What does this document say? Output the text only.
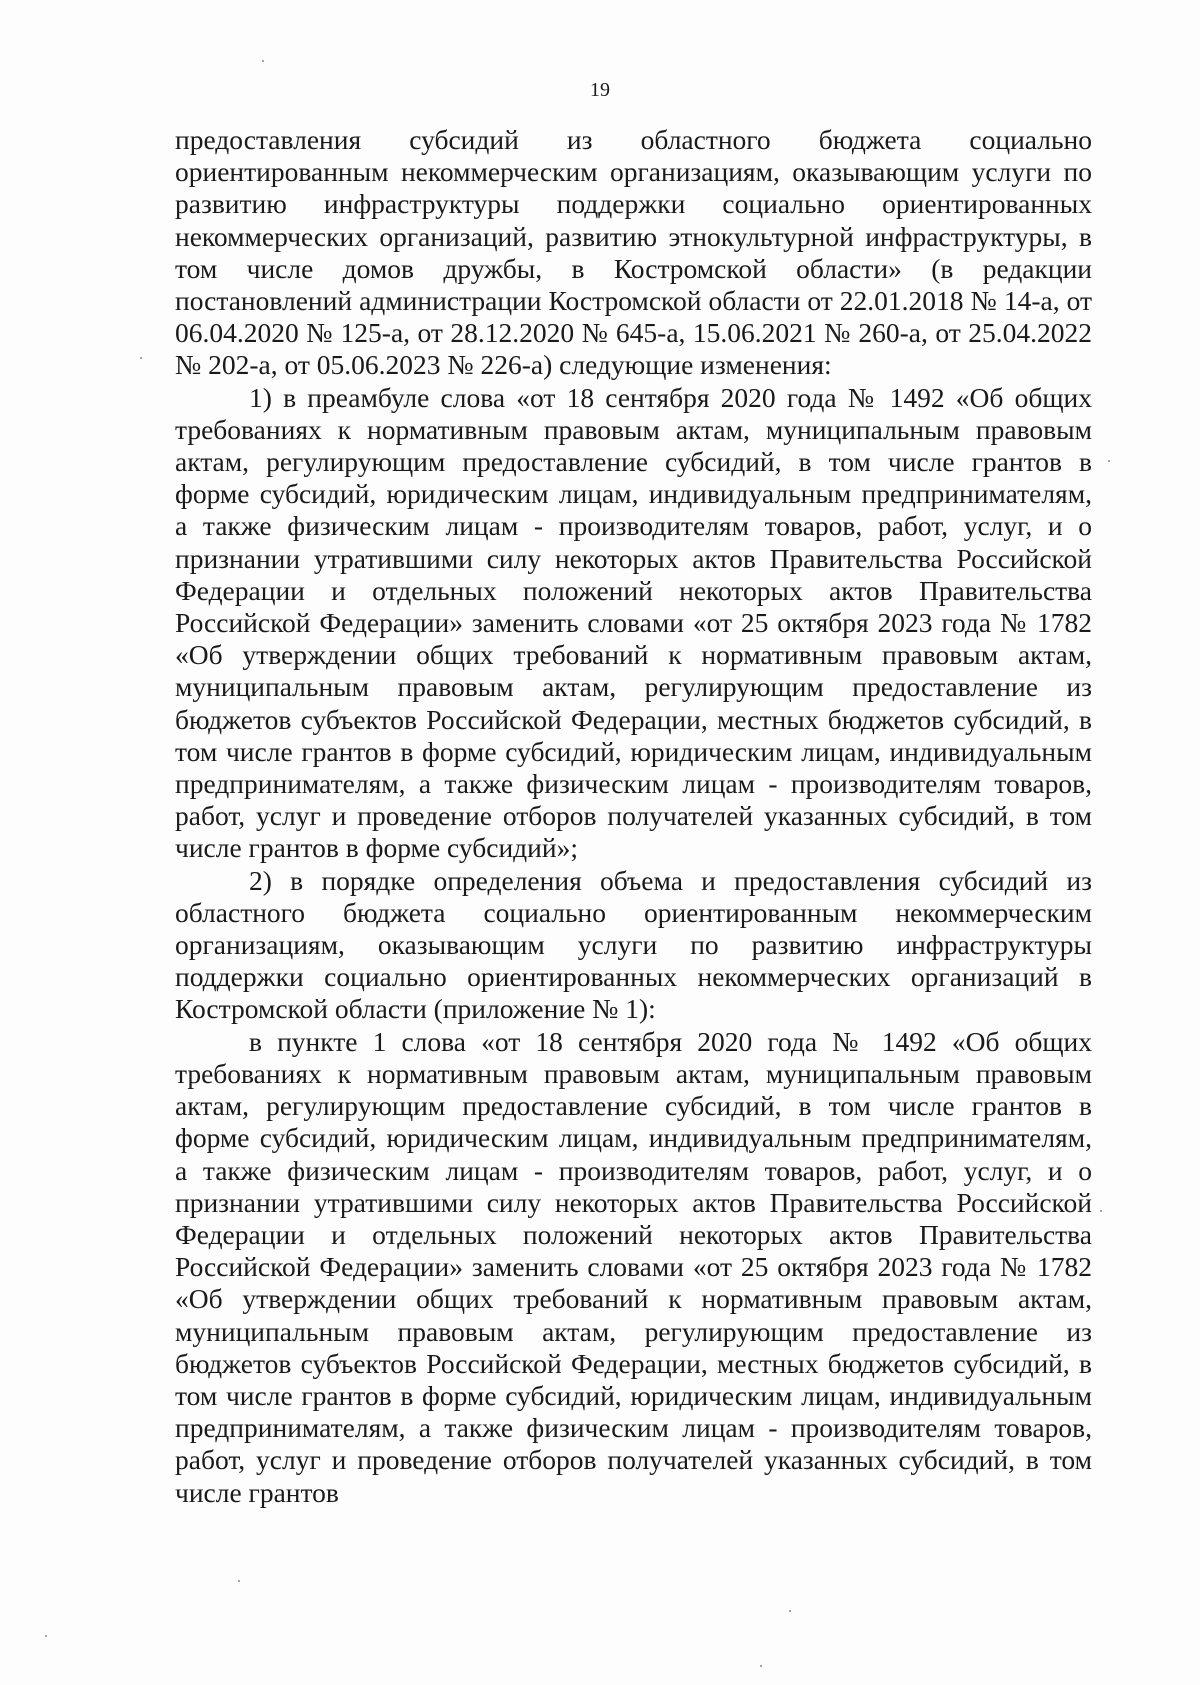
19

предоставления субсидий из областного бюджета социально ориентированным некоммерческим организациям, оказывающим услуги по развитию инфраструктуры поддержки социально ориентированных некоммерческих организаций, развитию этнокультурной инфраструктуры, в том числе домов дружбы, в Костромской области» (в редакции постановлений администрации Костромской области от 22.01.2018 № 14-а, от 06.04.2020 № 125-а, от 28.12.2020 № 645-а, 15.06.2021 № 260-а, от 25.04.2022 № 202-а, от 05.06.2023 № 226-а) следующие изменения:

1) в преамбуле слова «от 18 сентября 2020 года № 1492 «Об общих требованиях к нормативным правовым актам, муниципальным правовым актам, регулирующим предоставление субсидий, в том числе грантов в форме субсидий, юридическим лицам, индивидуальным предпринимателям, а также физическим лицам - производителям товаров, работ, услуг, и о признании утратившими силу некоторых актов Правительства Российской Федерации и отдельных положений некоторых актов Правительства Российской Федерации» заменить словами «от 25 октября 2023 года № 1782 «Об утверждении общих требований к нормативным правовым актам, муниципальным правовым актам, регулирующим предоставление из бюджетов субъектов Российской Федерации, местных бюджетов субсидий, в том числе грантов в форме субсидий, юридическим лицам, индивидуальным предпринимателям, а также физическим лицам - производителям товаров, работ, услуг и проведение отборов получателей указанных субсидий, в том числе грантов в форме субсидий»;

2) в порядке определения объема и предоставления субсидий из областного бюджета социально ориентированным некоммерческим организациям, оказывающим услуги по развитию инфраструктуры поддержки социально ориентированных некоммерческих организаций в Костромской области (приложение № 1):

в пункте 1 слова «от 18 сентября 2020 года № 1492 «Об общих требованиях к нормативным правовым актам, муниципальным правовым актам, регулирующим предоставление субсидий, в том числе грантов в форме субсидий, юридическим лицам, индивидуальным предпринимателям, а также физическим лицам - производителям товаров, работ, услуг, и о признании утратившими силу некоторых актов Правительства Российской Федерации и отдельных положений некоторых актов Правительства Российской Федерации» заменить словами «от 25 октября 2023 года № 1782 «Об утверждении общих требований к нормативным правовым актам, муниципальным правовым актам, регулирующим предоставление из бюджетов субъектов Российской Федерации, местных бюджетов субсидий, в том числе грантов в форме субсидий, юридическим лицам, индивидуальным предпринимателям, а также физическим лицам - производителям товаров, работ, услуг и проведение отборов получателей указанных субсидий, в том числе грантов
